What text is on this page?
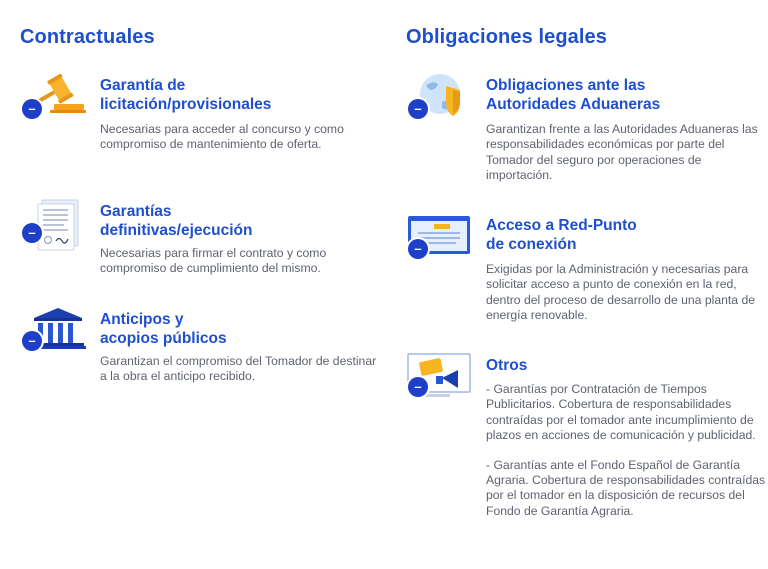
Contractuales
–
Garantía de
licitación/provisionales

Necesarias para acceder al concurso y como compromiso de mantenimiento de oferta.

–
Garantías
definitivas/ejecución

Necesarias para firmar el contrato y como compromiso de cumplimiento del mismo.

–
Anticipos y
acopios públicos

Garantizan el compromiso del Tomador de destinar a la obra el anticipo recibido.

Obligaciones legales
–
Obligaciones ante las
Autoridades Aduaneras

Garantizan frente a las Autoridades Aduaneras las responsabilidades económicas por parte del Tomador del seguro por operaciones de importación.

–
Acceso a Red-Punto
de conexión

Exigidas por la Administración y necesarias para solicitar acceso a punto de conexión en la red, dentro del proceso de desarrollo de una planta de energía renovable.

–
Otros

- Garantías por Contratación de Tiempos Publicitarios. Cobertura de responsabilidades contraídas por el tomador ante incumplimiento de plazos en acciones de comunicación y publicidad.

- Garantías ante el Fondo Español de Garantía Agraria. Cobertura de responsabilidades contraídas por el tomador en la disposición de recursos del Fondo de Garantía Agraria.
